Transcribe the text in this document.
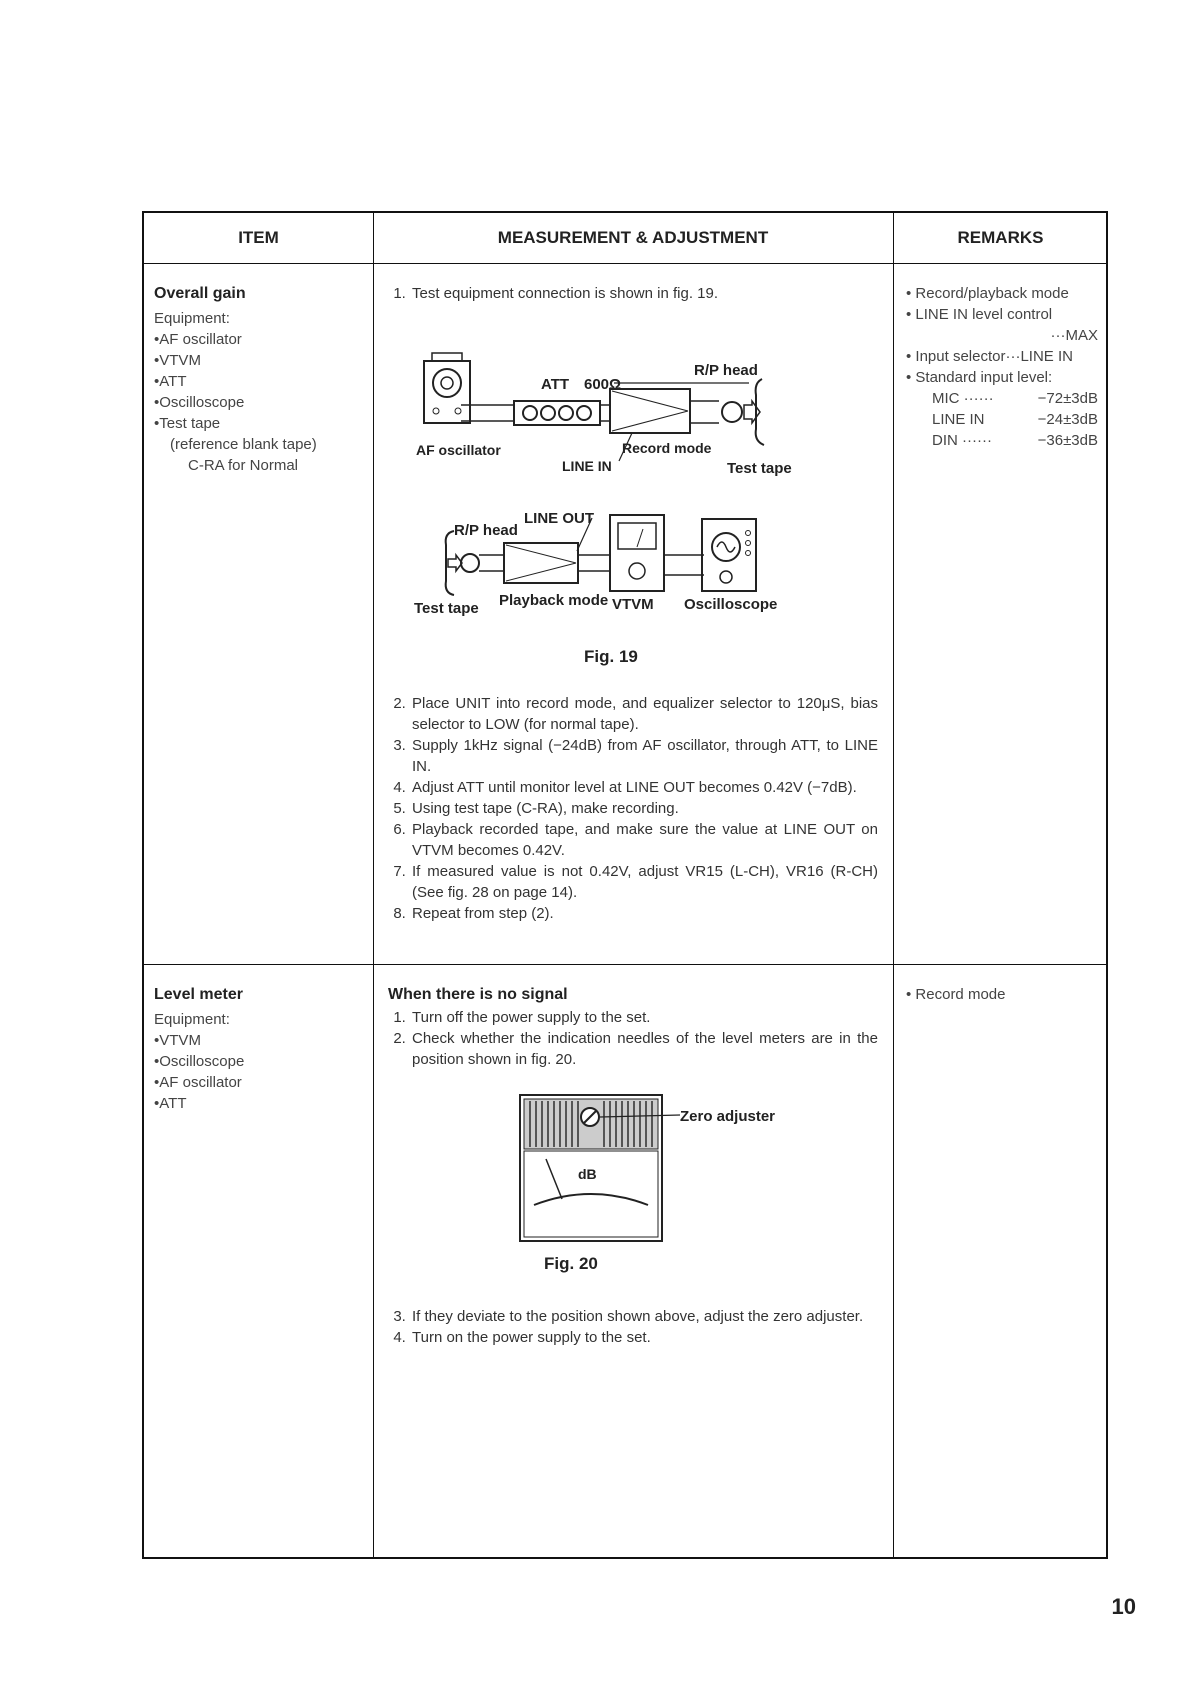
ITEM	MEASUREMENT & ADJUSTMENT	REMARKS
Overall gain
Equipment:
• AF oscillator
• VTVM
• ATT
• Oscilloscope
• Test tape
(reference blank tape)
C-RA for Normal
1. Test equipment connection is shown in fig. 19.
ATT 600Ω
R/P head
AF oscillator	Record mode
LINE IN	Test tape
R/P head
LINE OUT
Test tape Playback mode VTVM Oscilloscope
Fig. 19
2. Place UNIT into record mode, and equalizer selector to 120μS, bias selector to LOW (for normal tape).
3. Supply 1kHz signal (−24dB) from AF oscillator, through ATT, to LINE IN.
4. Adjust ATT until monitor level at LINE OUT becomes 0.42V (−7dB).
5. Using test tape (C-RA), make recording.
6. Playback recorded tape, and make sure the value at LINE OUT on VTVM becomes 0.42V.
7. If measured value is not 0.42V, adjust VR15 (L-CH), VR16 (R-CH) (See fig. 28 on page 14).
8. Repeat from step (2).
• Record/playback mode
• LINE IN level control
···MAX
• Input selector···LINE IN
• Standard input level:
MIC ······	−72±3dB
LINE IN	−24±3dB
DIN ······	−36±3dB
Level meter
Equipment:
• VTVM
• Oscilloscope
• AF oscillator
• ATT
When there is no signal
1. Turn off the power supply to the set.
2. Check whether the indication needles of the level meters are in the position shown in fig. 20.
Zero adjuster
dB
Fig. 20
3. If they deviate to the position shown above, adjust the zero adjuster.
4. Turn on the power supply to the set.
• Record mode
10
